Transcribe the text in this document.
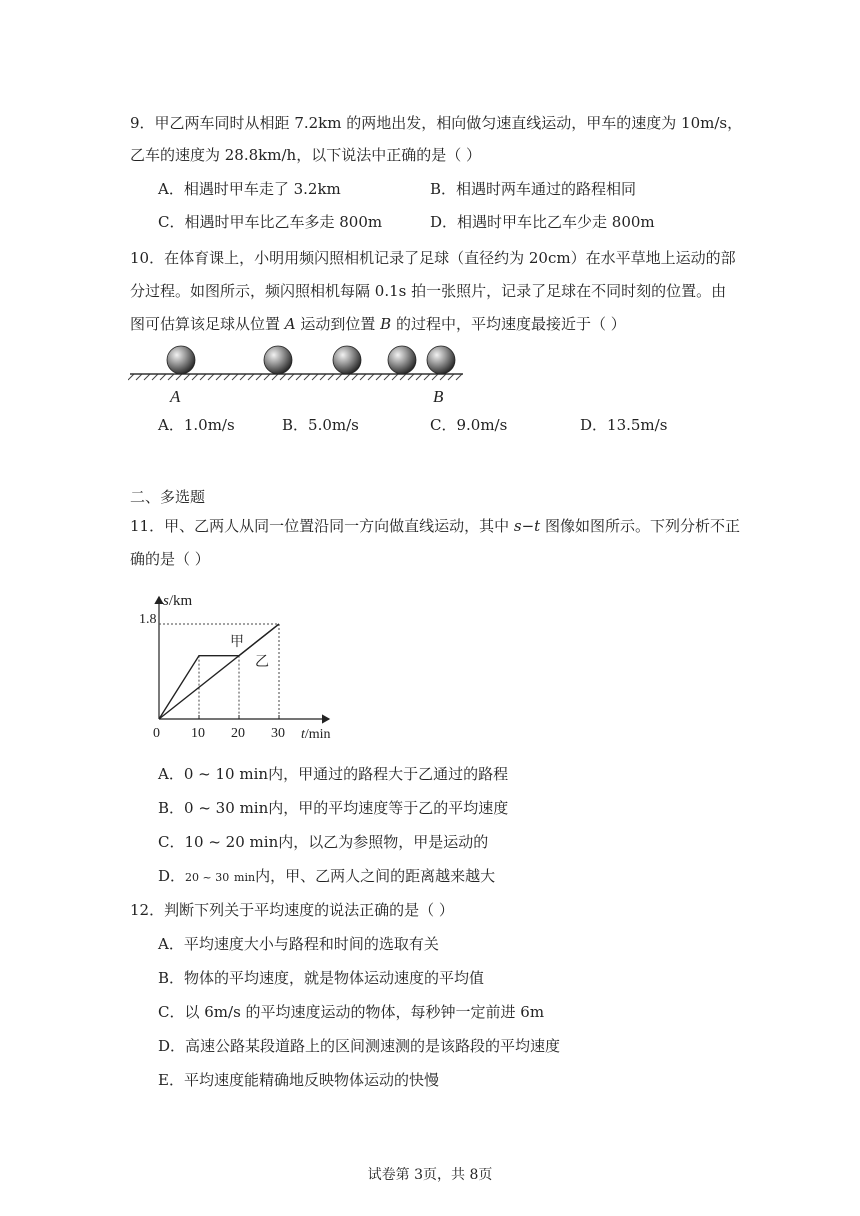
9．甲乙两车同时从相距 7.2km 的两地出发，相向做匀速直线运动，甲车的速度为 10m/s，
乙车的速度为 28.8km/h，以下说法中正确的是（ ）
A．相遇时甲车走了 3.2km	B．相遇时两车通过的路程相同
C．相遇时甲车比乙车多走 800m	D．相遇时甲车比乙车少走 800m
10．在体育课上，小明用频闪照相机记录了足球（直径约为 20cm）在水平草地上运动的部
分过程。如图所示，频闪照相机每隔 0.1s 拍一张照片，记录了足球在不同时刻的位置。由
图可估算该足球从位置 A 运动到位置 B 的过程中，平均速度最接近于（ ）
A	B
A．1.0m/s	B．5.0m/s	C．9.0m/s	D．13.5m/s
二、多选题
11．甲、乙两人从同一位置沿同一方向做直线运动，其中 s−t 图像如图所示。下列分析不正
确的是（ ）
10 20 30
s/km
t/min
甲
乙
1.8
0
A．0 ~ 10 min内，甲通过的路程大于乙通过的路程
B．0 ~ 30 min内，甲的平均速度等于乙的平均速度
C．10 ~ 20 min内，以乙为参照物，甲是运动的
D．20 ~ 30 min内，甲、乙两人之间的距离越来越大
12．判断下列关于平均速度的说法正确的是（ ）
A．平均速度大小与路程和时间的选取有关
B．物体的平均速度，就是物体运动速度的平均值
C．以 6m/s 的平均速度运动的物体，每秒钟一定前进 6m
D．高速公路某段道路上的区间测速测的是该路段的平均速度
E．平均速度能精确地反映物体运动的快慢
试卷第 3页，共 8页
